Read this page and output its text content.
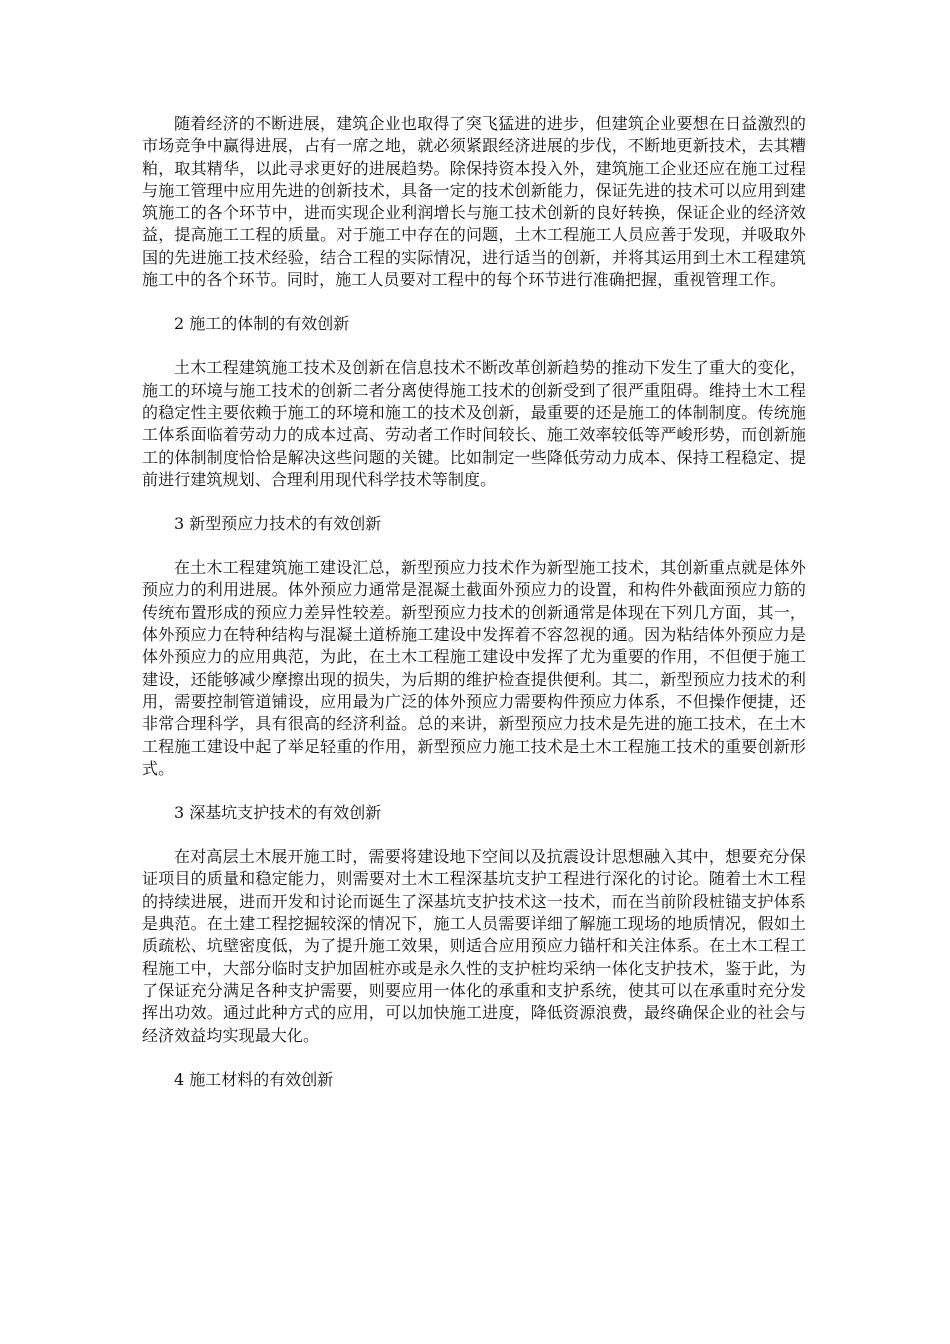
随着经济的不断进展，建筑企业也取得了突飞猛进的进步，但建筑企业要想在日益激烈的市场竞争中赢得进展，占有一席之地，就必须紧跟经济进展的步伐，不断地更新技术，去其糟粕，取其精华，以此寻求更好的进展趋势。除保持资本投入外，建筑施工企业还应在施工过程与施工管理中应用先进的创新技术，具备一定的技术创新能力，保证先进的技术可以应用到建筑施工的各个环节中，进而实现企业利润增长与施工技术创新的良好转换，保证企业的经济效益，提高施工工程的质量。对于施工中存在的问题，土木工程施工人员应善于发现，并吸取外国的先进施工技术经验，结合工程的实际情况，进行适当的创新，并将其运用到土木工程建筑施工中的各个环节。同时，施工人员要对工程中的每个环节进行准确把握，重视管理工作。

2 施工的体制的有效创新

土木工程建筑施工技术及创新在信息技术不断改革创新趋势的推动下发生了重大的变化，施工的环境与施工技术的创新二者分离使得施工技术的创新受到了很严重阻碍。维持土木工程的稳定性主要依赖于施工的环境和施工的技术及创新，最重要的还是施工的体制制度。传统施工体系面临着劳动力的成本过高、劳动者工作时间较长、施工效率较低等严峻形势，而创新施工的体制制度恰恰是解决这些问题的关键。比如制定一些降低劳动力成本、保持工程稳定、提前进行建筑规划、合理利用现代科学技术等制度。

3 新型预应力技术的有效创新

在土木工程建筑施工建设汇总，新型预应力技术作为新型施工技术，其创新重点就是体外预应力的利用进展。体外预应力通常是混凝土截面外预应力的设置，和构件外截面预应力筋的传统布置形成的预应力差异性较差。新型预应力技术的创新通常是体现在下列几方面，其一，体外预应力在特种结构与混凝土道桥施工建设中发挥着不容忽视的通。因为粘结体外预应力是体外预应力的应用典范，为此，在土木工程施工建设中发挥了尤为重要的作用，不但便于施工建设，还能够减少摩擦出现的损失，为后期的维护检查提供便利。其二，新型预应力技术的利用，需要控制管道铺设，应用最为广泛的体外预应力需要构件预应力体系，不但操作便捷，还非常合理科学，具有很高的经济利益。总的来讲，新型预应力技术是先进的施工技术，在土木工程施工建设中起了举足轻重的作用，新型预应力施工技术是土木工程施工技术的重要创新形式。

3 深基坑支护技术的有效创新

在对高层土木展开施工时，需要将建设地下空间以及抗震设计思想融入其中，想要充分保证项目的质量和稳定能力，则需要对土木工程深基坑支护工程进行深化的讨论。随着土木工程的持续进展，进而开发和讨论而诞生了深基坑支护技术这一技术，而在当前阶段桩锚支护体系是典范。在土建工程挖掘较深的情况下，施工人员需要详细了解施工现场的地质情况，假如土质疏松、坑壁密度低，为了提升施工效果，则适合应用预应力锚杆和关注体系。在土木工程工程施工中，大部分临时支护加固桩亦或是永久性的支护桩均采纳一体化支护技术，鉴于此，为了保证充分满足各种支护需要，则要应用一体化的承重和支护系统，使其可以在承重时充分发挥出功效。通过此种方式的应用，可以加快施工进度，降低资源浪费，最终确保企业的社会与经济效益均实现最大化。

4 施工材料的有效创新
